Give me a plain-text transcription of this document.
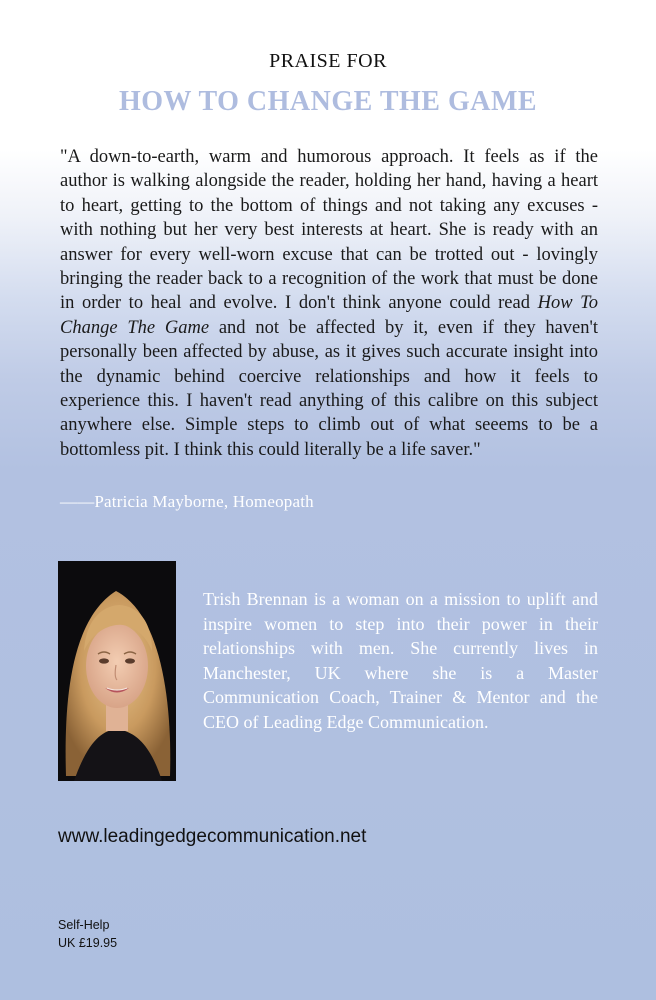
PRAISE FOR
HOW TO CHANGE THE GAME

"A down-to-earth, warm and humorous approach. It feels as if the author is walking alongside the reader, holding her hand, having a heart to heart, getting to the bottom of things and not taking any excuses - with nothing but her very best interests at heart. She is ready with an answer for every well-worn excuse that can be trotted out - lovingly bringing the reader back to a recognition of the work that must be done in order to heal and evolve. I don't think anyone could read How To Change The Game and not be affected by it, even if they haven't personally been affected by abuse, as it gives such accurate insight into the dynamic behind coercive relationships and how it feels to experience this. I haven't read anything of this calibre on this subject anywhere else. Simple steps to climb out of what seeems to be a bottomless pit. I think this could literally be a life saver."

——Patricia Mayborne, Homeopath

Trish Brennan is a woman on a mission to uplift and inspire women to step into their power in their relationships with men. She currently lives in Manchester, UK where she is a Master Communication Coach, Trainer & Mentor and the CEO of Leading Edge Communication.

www.leadingedgecommunication.net
Self-Help
UK £19.95
